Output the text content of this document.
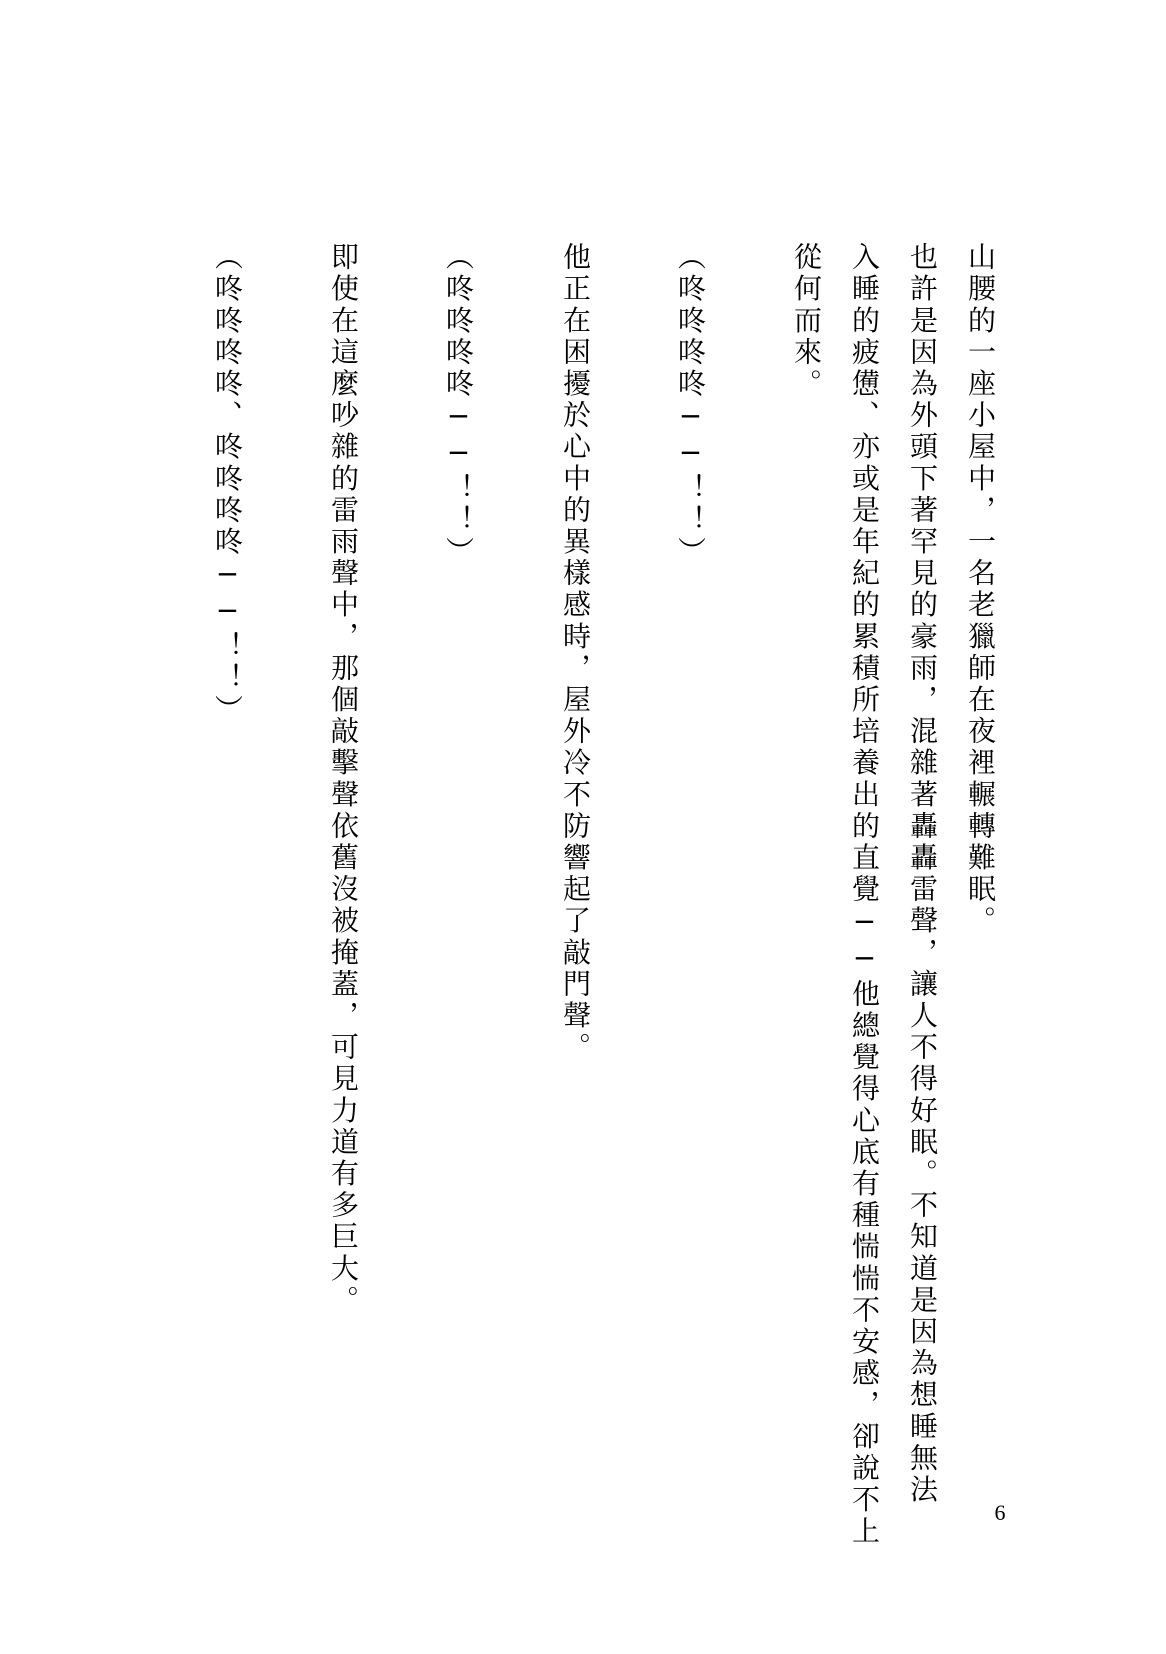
山腰的一座小屋中，一名老獵師在夜裡輾轉難眠。
也許是因為外頭下著罕見的豪雨，混雜著轟轟雷聲，讓人不得好眠。不知道是因為想睡無法
入睡的疲憊、亦或是年紀的累積所培養出的直覺──他總覺得心底有種惴惴不安感，卻說不上
從何而來。
（咚咚咚咚──！！）
他正在困擾於心中的異樣感時，屋外冷不防響起了敲門聲。
（咚咚咚咚──！！）
即使在這麼吵雜的雷雨聲中，那個敲擊聲依舊沒被掩蓋，可見力道有多巨大。
（咚咚咚咚、咚咚咚咚──！！）
6
